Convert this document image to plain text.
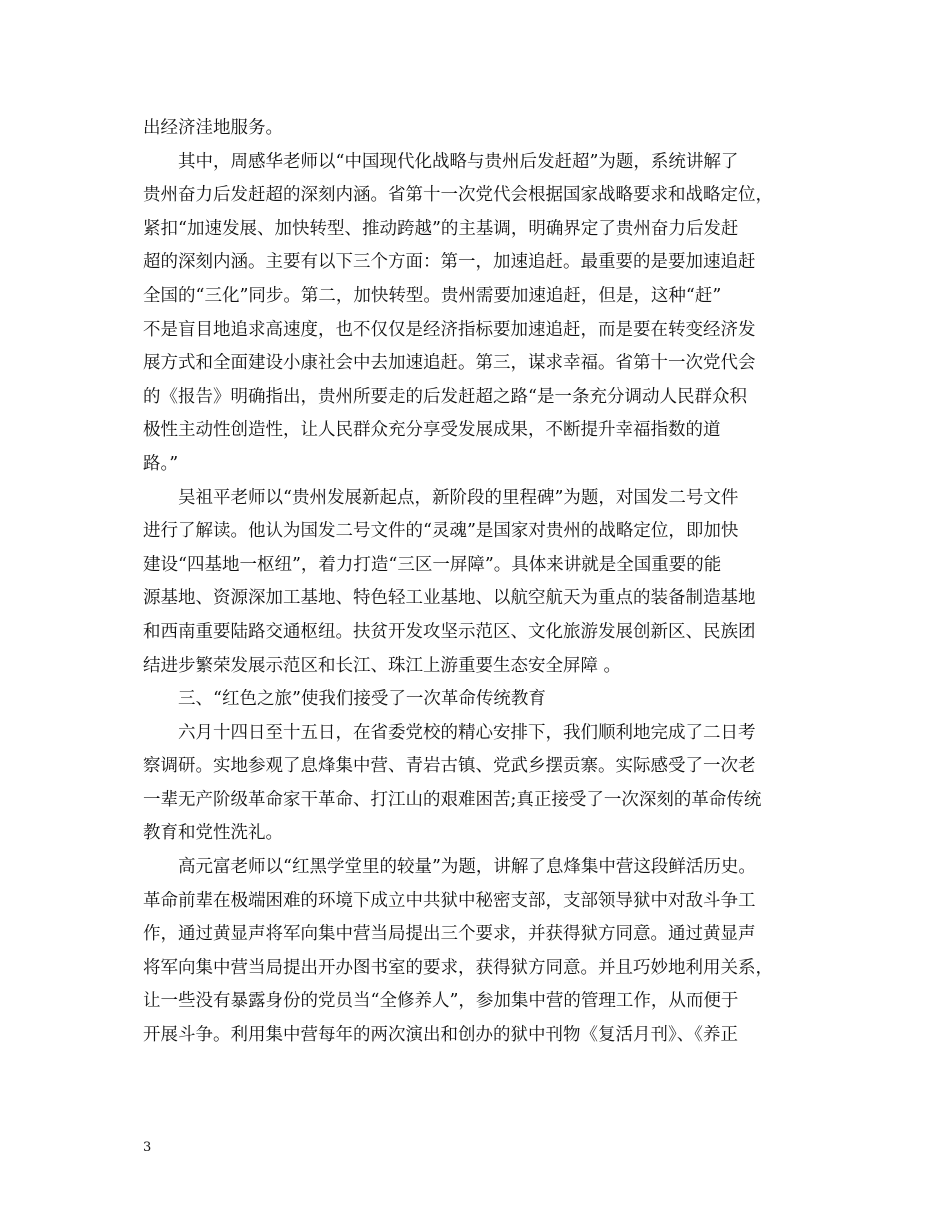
出经济洼地服务。
其中，周感华老师以“中国现代化战略与贵州后发赶超”为题，系统讲解了
贵州奋力后发赶超的深刻内涵。省第十一次党代会根据国家战略要求和战略定位，
紧扣“加速发展、加快转型、推动跨越”的主基调，明确界定了贵州奋力后发赶
超的深刻内涵。主要有以下三个方面：第一，加速追赶。最重要的是要加速追赶
全国的“三化”同步。第二，加快转型。贵州需要加速追赶，但是，这种“赶”
不是盲目地追求高速度，也不仅仅是经济指标要加速追赶，而是要在转变经济发
展方式和全面建设小康社会中去加速追赶。第三，谋求幸福。省第十一次党代会
的《报告》明确指出，贵州所要走的后发赶超之路“是一条充分调动人民群众积
极性主动性创造性，让人民群众充分享受发展成果，不断提升幸福指数的道
路。”
吴祖平老师以“贵州发展新起点，新阶段的里程碑”为题，对国发二号文件
进行了解读。他认为国发二号文件的“灵魂”是国家对贵州的战略定位，即加快
建设“四基地一枢纽”，着力打造“三区一屏障”。具体来讲就是全国重要的能
源基地、资源深加工基地、特色轻工业基地、以航空航天为重点的装备制造基地
和西南重要陆路交通枢纽。扶贫开发攻坚示范区、文化旅游发展创新区、民族团
结进步繁荣发展示范区和长江、珠江上游重要生态安全屏障 。
三、“红色之旅”使我们接受了一次革命传统教育
六月十四日至十五日，在省委党校的精心安排下，我们顺利地完成了二日考
察调研。实地参观了息烽集中营、青岩古镇、党武乡摆贡寨。实际感受了一次老
一辈无产阶级革命家干革命、打江山的艰难困苦;真正接受了一次深刻的革命传统
教育和党性洗礼。
高元富老师以“红黑学堂里的较量”为题，讲解了息烽集中营这段鲜活历史。
革命前辈在极端困难的环境下成立中共狱中秘密支部，支部领导狱中对敌斗争工
作，通过黄显声将军向集中营当局提出三个要求，并获得狱方同意。通过黄显声
将军向集中营当局提出开办图书室的要求，获得狱方同意。并且巧妙地利用关系，
让一些没有暴露身份的党员当“全修养人”，参加集中营的管理工作，从而便于
开展斗争。利用集中营每年的两次演出和创办的狱中刊物《复活月刊》、《养正
3
